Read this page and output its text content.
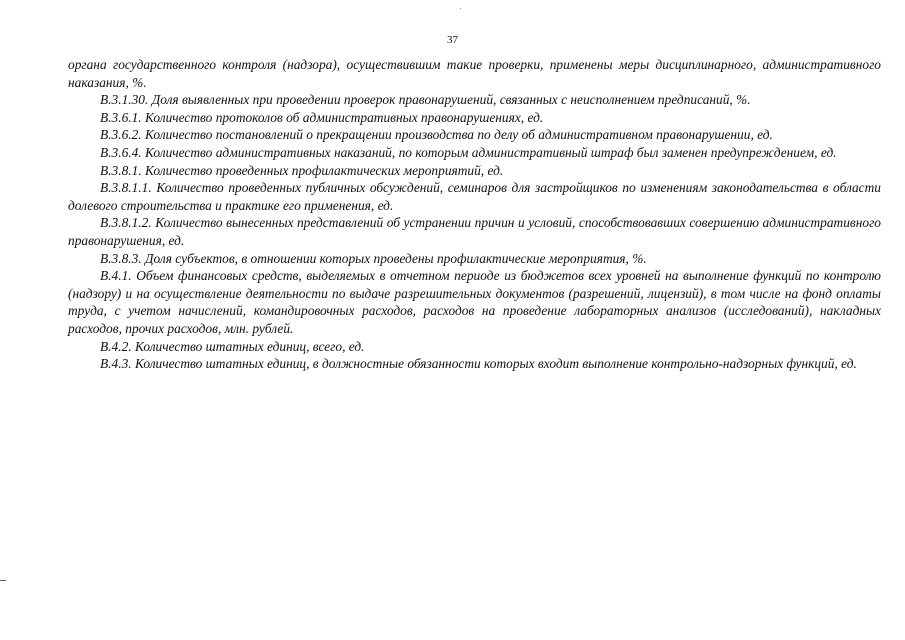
37

органа государственного контроля (надзора), осуществившим такие проверки, применены меры дисциплинарного, административного наказания, %.

В.3.1.30. Доля выявленных при проведении проверок правонарушений, связанных с неисполнением предписаний, %.

В.3.6.1. Количество протоколов об административных правонарушениях, ед.

В.3.6.2. Количество постановлений о прекращении производства по делу об административном правонарушении, ед.

В.3.6.4. Количество административных наказаний, по которым административный штраф был заменен предупреждением, ед.

В.3.8.1. Количество проведенных профилактических мероприятий, ед.

В.3.8.1.1. Количество проведенных публичных обсуждений, семинаров для застройщиков по изменениям законодательства в области долевого строительства и практике его применения, ед.

В.3.8.1.2. Количество вынесенных представлений об устранении причин и условий, способствовавших совершению административного правонарушения, ед.

В.3.8.3. Доля субъектов, в отношении которых проведены профилактические мероприятия, %.

В.4.1. Объем финансовых средств, выделяемых в отчетном периоде из бюджетов всех уровней на выполнение функций по контролю (надзору) и на осуществление деятельности по выдаче разрешительных документов (разрешений, лицензий), в том числе на фонд оплаты труда, с учетом начислений, командировочных расходов, расходов на проведение лабораторных анализов (исследований), накладных расходов, прочих расходов, млн. рублей.

В.4.2. Количество штатных единиц, всего, ед.

В.4.3. Количество штатных единиц, в должностные обязанности которых входит выполнение контрольно-надзорных функций, ед.
